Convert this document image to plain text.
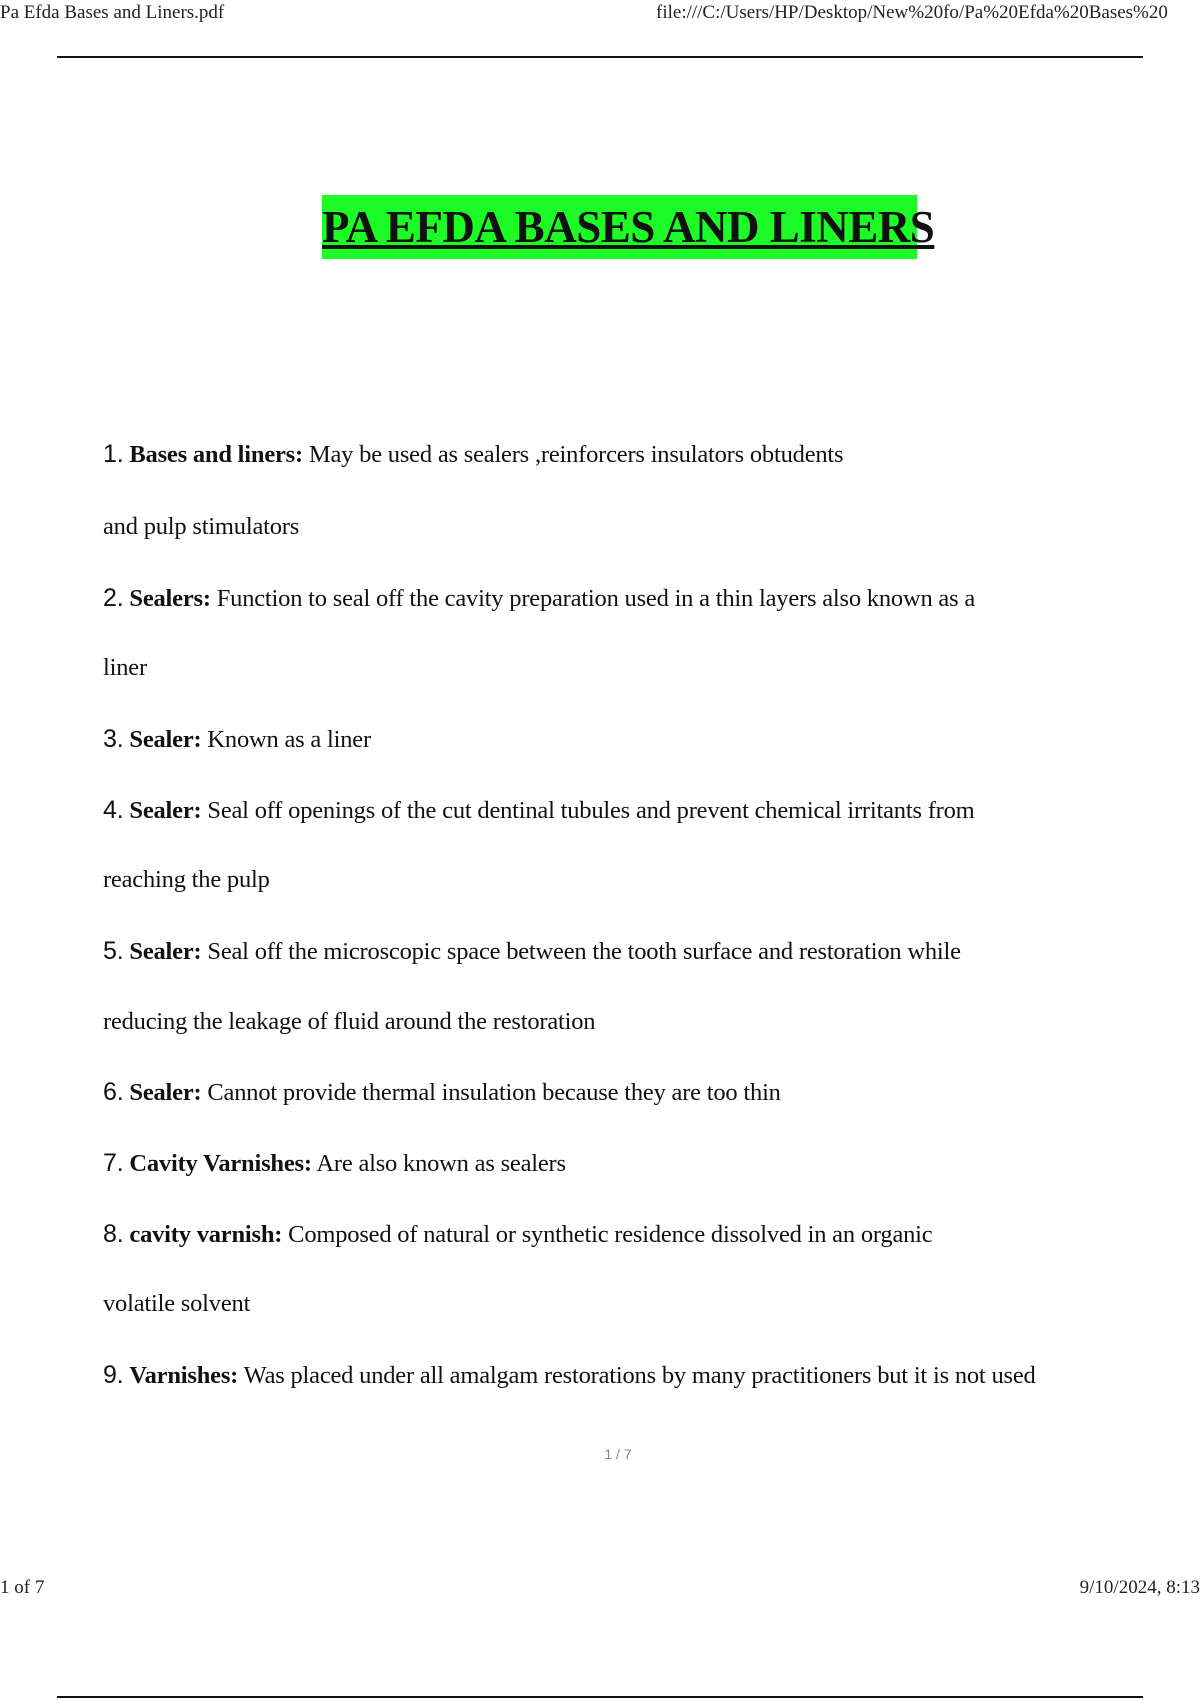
Pa Efda Bases and Liners.pdf	file:///C:/Users/HP/Desktop/New%20fo/Pa%20Efda%20Bases%20
PA EFDA BASES AND LINERS
1. Bases and liners: May be used as sealers ,reinforcers insulators obtudents
and pulp stimulators
2. Sealers: Function to seal off the cavity preparation used in a thin layers also known as a
liner
3. Sealer: Known as a liner
4. Sealer: Seal off openings of the cut dentinal tubules and prevent chemical irritants from
reaching the pulp
5. Sealer: Seal off the microscopic space between the tooth surface and restoration while
reducing the leakage of fluid around the restoration
6. Sealer: Cannot provide thermal insulation because they are too thin
7. Cavity Varnishes: Are also known as sealers
8. cavity varnish: Composed of natural or synthetic residence dissolved in an organic
volatile solvent
9. Varnishes: Was placed under all amalgam restorations by many practitioners but it is not used
1 / 7
1 of 7	9/10/2024, 8:13
